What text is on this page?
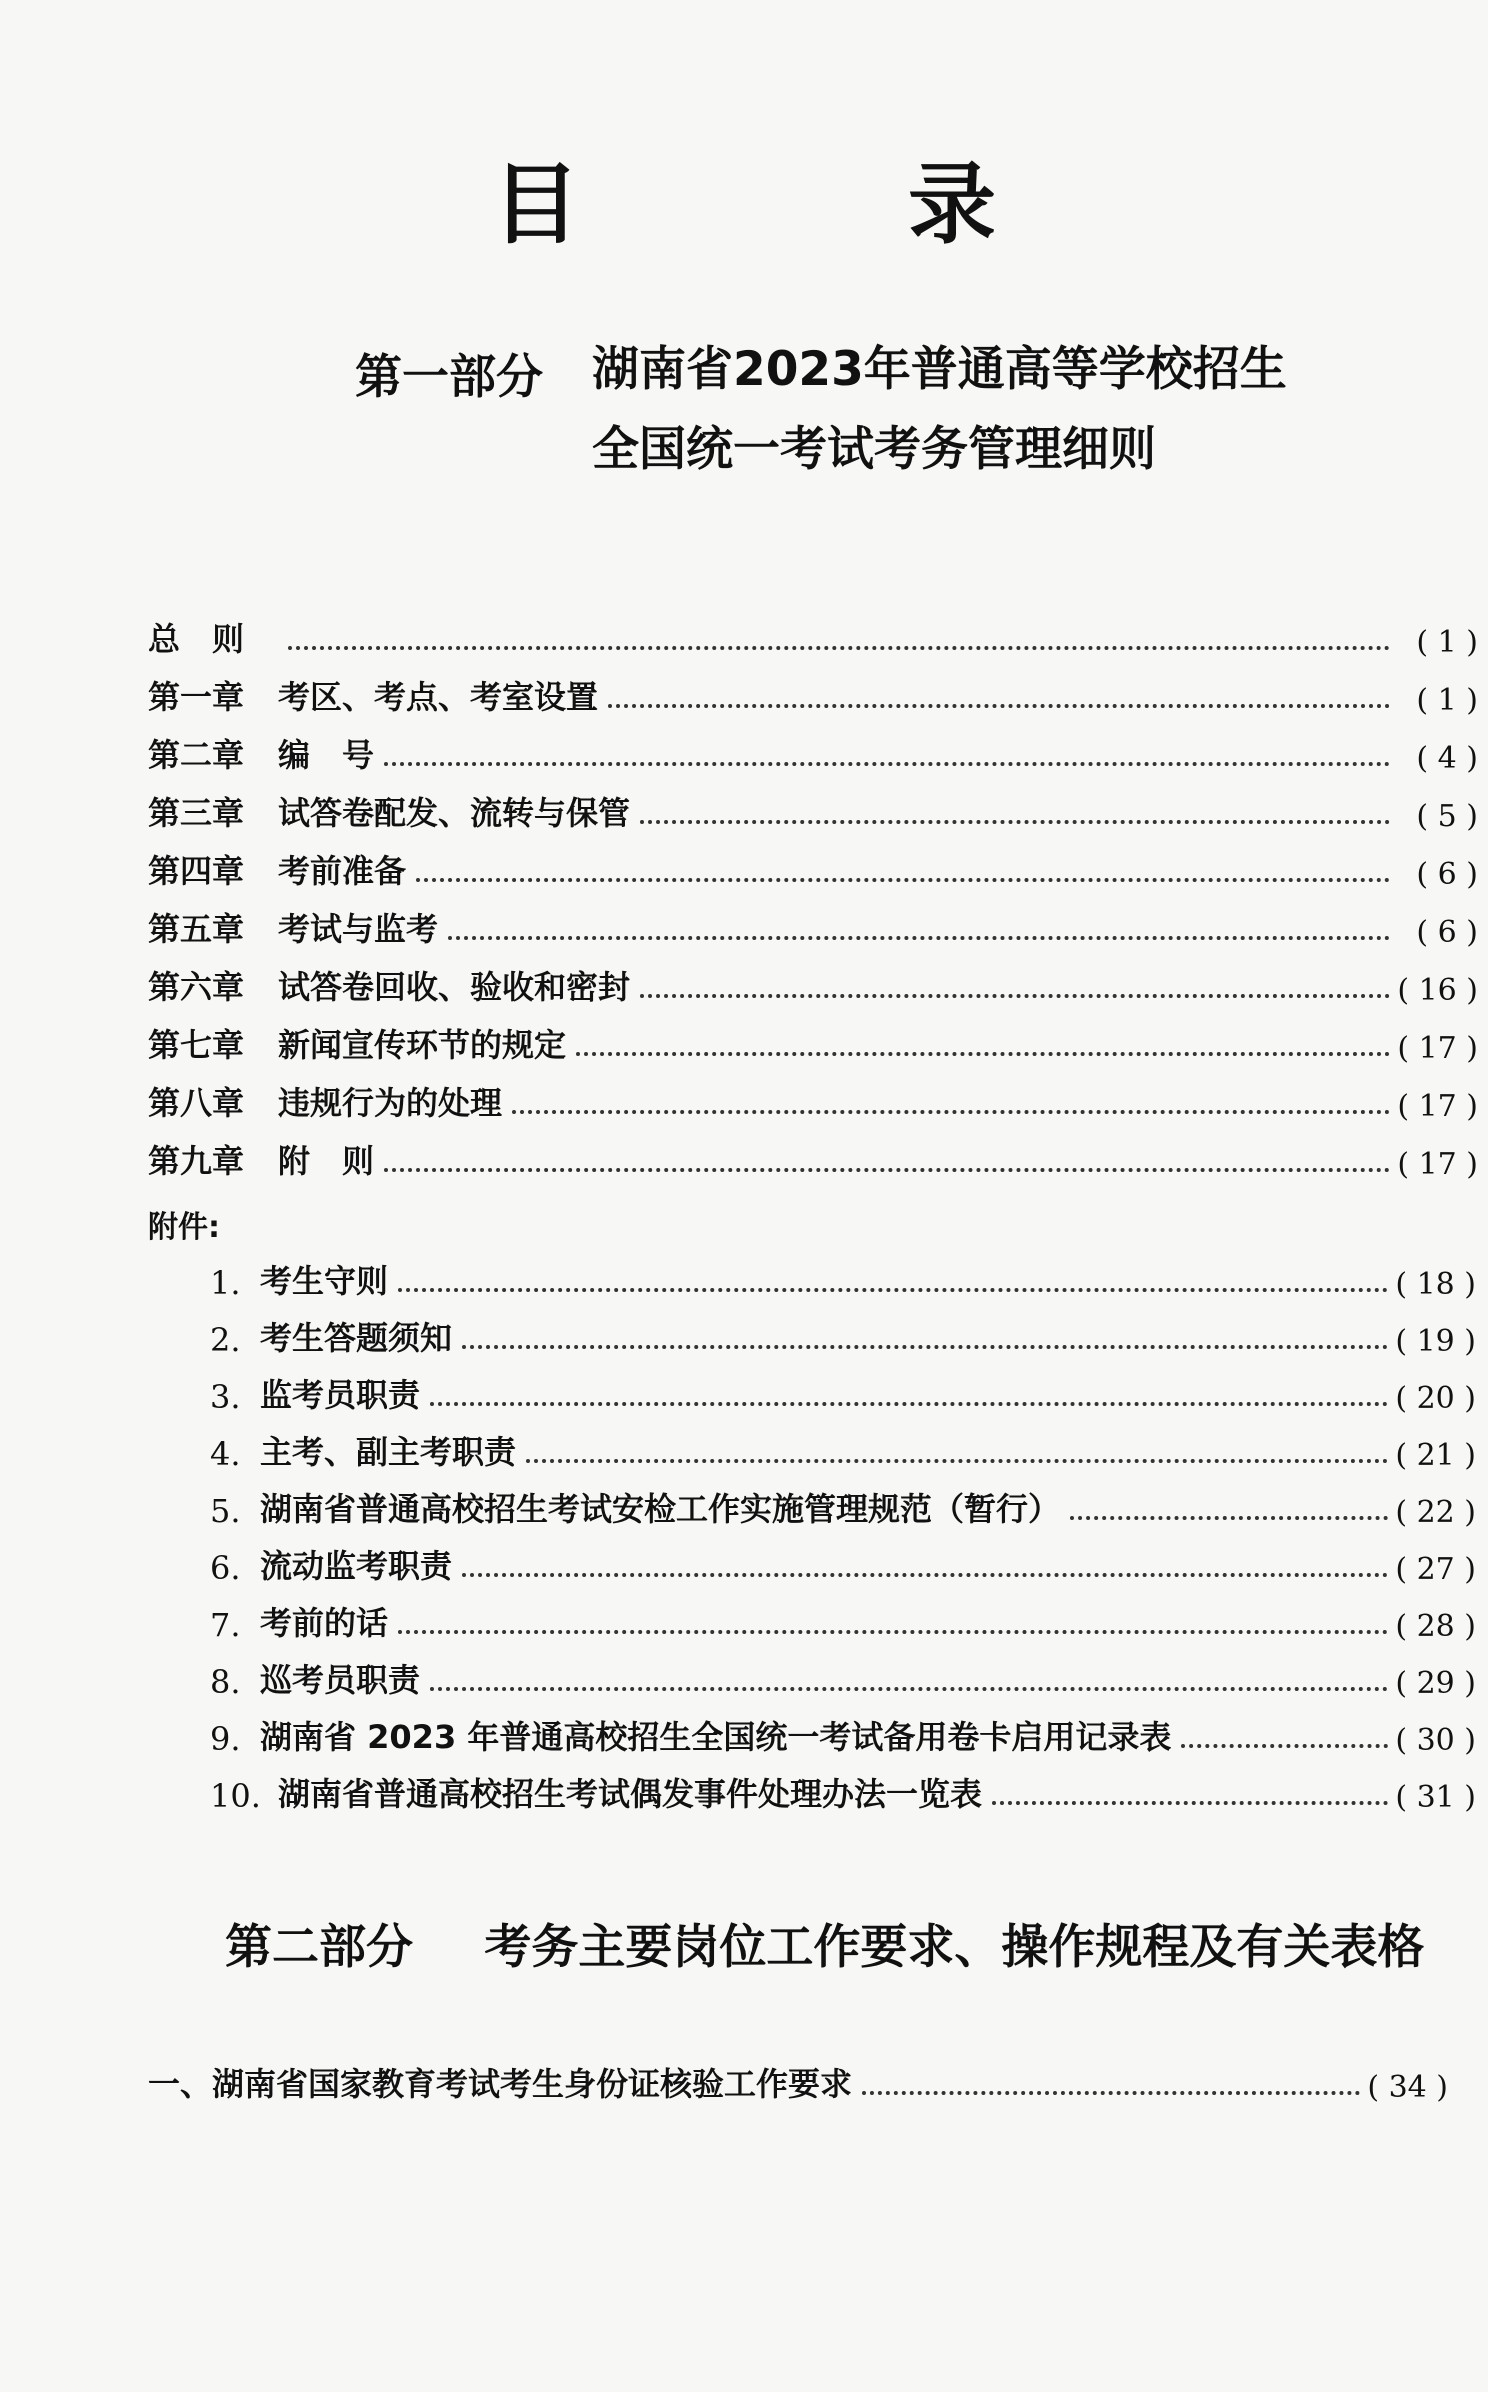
目　录
第一部分 湖南省2023年普通高等学校招生
全国统一考试考务管理细则
总　则	( 1 )
第一章	考区、考点、考室设置	( 1 )
第二章	编　号	( 4 )
第三章	试答卷配发、流转与保管	( 5 )
第四章	考前准备	( 6 )
第五章	考试与监考	( 6 )
第六章	试答卷回收、验收和密封	( 16 )
第七章	新闻宣传环节的规定	( 17 )
第八章	违规行为的处理	( 17 )
第九章	附　则	( 17 )
附件:
1. 考生守则	( 18 )
2. 考生答题须知	( 19 )
3. 监考员职责	( 20 )
4. 主考、副主考职责	( 21 )
5. 湖南省普通高校招生考试安检工作实施管理规范（暂行）	( 22 )
6. 流动监考职责	( 27 )
7. 考前的话	( 28 )
8. 巡考员职责	( 29 )
9. 湖南省 2023 年普通高校招生全国统一考试备用卷卡启用记录表	( 30 )
10. 湖南省普通高校招生考试偶发事件处理办法一览表	( 31 )
第二部分 考务主要岗位工作要求、操作规程及有关表格
一、 湖南省国家教育考试考生身份证核验工作要求	( 34 )
